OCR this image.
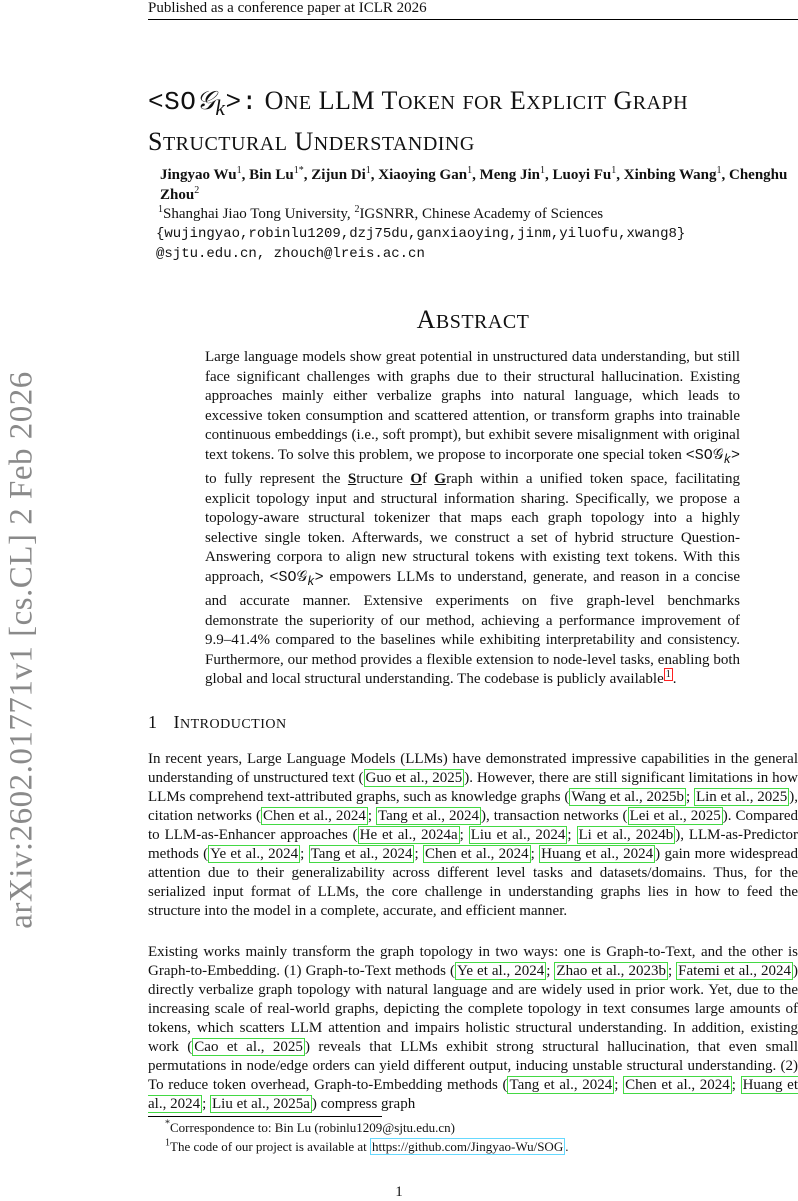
Published as a conference paper at ICLR 2026
arXiv:2602.01771v1 [cs.CL] 2 Feb 2026
<SO𝒢$_k$>: ONE LLM TOKEN FOR EXPLICIT GRAPH
STRUCTURAL UNDERSTANDING
Jingyao Wu$^1$, Bin $Lu^{1*}$, Zijun Di$^1$, Xiaoying Gan$^1$, Meng Jin$^1$, Luoyi Fu$^1$, Xinbing Wang$^1$, Chenghu Zhou$^2$
$^1$Shanghai Jiao Tong University, $^2$IGSNRR, Chinese Academy of Sciences
{wujingyao,robinlu1209,dzj75du,ganxiaoying,jinm,yiluofu,xwang8}
@sjtu.edu.cn, zhouch@lreis.ac.cn
ABSTRACT
Large language models show great potential in unstructured data understanding, but still face significant challenges with graphs due to their structural hallucination. Existing approaches mainly either verbalize graphs into natural language, which leads to excessive token consumption and scattered attention, or transform graphs into trainable continuous embeddings (i.e., soft prompt), but exhibit severe misalignment with original text tokens. To solve this problem, we propose to incorporate one special token <SO𝒢$_k$> to fully represent the Structure Of Graph within a unified token space, facilitating explicit topology input and structural information sharing. Specifically, we propose a topology-aware structural tokenizer that maps each graph topology into a highly selective single token. Afterwards, we construct a set of hybrid structure Question-Answering corpora to align new structural tokens with existing text tokens. With this approach, <SO𝒢$_k$> empowers LLMs to understand, generate, and reason in a concise and accurate manner. Extensive experiments on five graph-level benchmarks demonstrate the superiority of our method, achieving a performance improvement of 9.9–41.4% compared to the baselines while exhibiting interpretability and consistency. Furthermore, our method provides a flexible extension to node-level tasks, enabling both global and local structural understanding. The codebase is publicly available $^1$ .
1 INTRODUCTION
In recent years, Large Language Models (LLMs) have demonstrated impressive capabilities in the general understanding of unstructured text ( Guo et al., 2025 ). However, there are still significant limitations in how LLMs comprehend text-attributed graphs, such as knowledge graphs ( Wang et al., 2025b ; Lin et al., 2025 ), citation networks ( Chen et al., 2024 ; Tang et al., 2024 ), transaction networks ( Lei et al., 2025 ). Compared to LLM-as-Enhancer approaches ( He et al., 2024a ; Liu et al., 2024 ; Li et al., 2024b ), LLM-as-Predictor methods ( Ye et al., 2024 ; Tang et al., 2024 ; Chen et al., 2024 ; Huang et al., 2024 ) gain more widespread attention due to their generalizability across different level tasks and datasets/domains. Thus, for the serialized input format of LLMs, the core challenge in understanding graphs lies in how to feed the structure into the model in a complete, accurate, and efficient manner.
Existing works mainly transform the graph topology in two ways: one is Graph-to-Text, and the other is Graph-to-Embedding. (1) Graph-to-Text methods ( Ye et al., 2024 ; Zhao et al., 2023b ; Fatemi et al., 2024 ) directly verbalize graph topology with natural language and are widely used in prior work. Yet, due to the increasing scale of real-world graphs, depicting the complete topology in text consumes large amounts of tokens, which scatters LLM attention and impairs holistic structural understanding. In addition, existing work ( Cao et al., 2025 ) reveals that LLMs exhibit strong structural hallucination, that even small permutations in node/edge orders can yield different output, inducing unstable structural understanding. (2) To reduce token overhead, Graph-to-Embedding methods ( Tang et al., 2024 ; Chen et al., 2024 ; Huang et al., 2024 ; Liu et al., 2025a ) compress graph
*Correspondence to: Bin Lu (robinlu1209@sjtu.edu.cn)
$^1$The code of our project is available at https://github.com/Jingyao-Wu/SOG .
1
